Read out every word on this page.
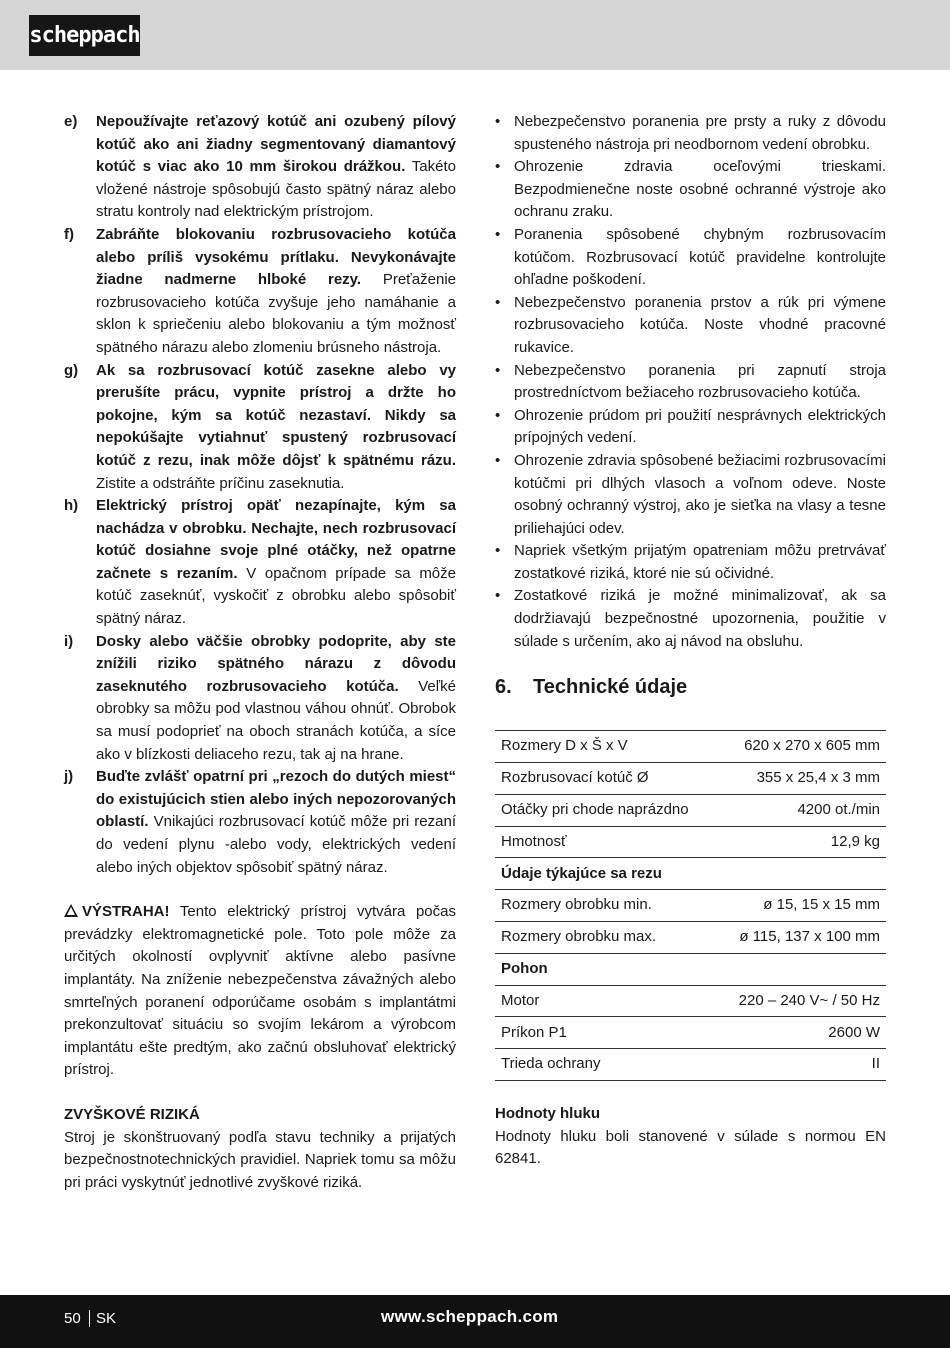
scheppach
e)	Nepoužívajte reťazový kotúč ani ozubený pílový kotúč ako ani žiadny segmentovaný diamantový kotúč s viac ako 10 mm širokou drážkou. Takéto vložené nástroje spôsobujú často spätný náraz alebo stratu kontroly nad elektrickým prístrojom.
f)	Zabráňte blokovaniu rozbrusovacieho kotúča alebo príliš vysokému prítlaku. Nevykonávajte žiadne nadmerne hlboké rezy. Preťaženie rozbrusovacieho kotúča zvyšuje jeho namáhanie a sklon k spriečeniu alebo blokovaniu a tým možnosť spätného nárazu alebo zlomeniu brúsneho nástroja.
g)	Ak sa rozbrusovací kotúč zasekne alebo vy prerušíte prácu, vypnite prístroj a držte ho pokojne, kým sa kotúč nezastaví. Nikdy sa nepokúšajte vytiahnuť spustený rozbrusovací kotúč z rezu, inak môže dôjsť k spätnému rázu. Zistite a odstráňte príčinu zaseknutia.
h)	Elektrický prístroj opäť nezapínajte, kým sa nachádza v obrobku. Nechajte, nech rozbrusovací kotúč dosiahne svoje plné otáčky, než opatrne začnete s rezaním. V opačnom prípade sa môže kotúč zaseknúť, vyskočiť z obrobku alebo spôsobiť spätný náraz.
i)	Dosky alebo väčšie obrobky podoprite, aby ste znížili riziko spätného nárazu z dôvodu zaseknutého rozbrusovacieho kotúča. Veľké obrobky sa môžu pod vlastnou váhou ohnúť. Obrobok sa musí podoprieť na oboch stranách kotúča, a síce ako v blízkosti deliaceho rezu, tak aj na hrane.
j)	Buďte zvlášť opatrní pri „rezoch do dutých miest“ do existujúcich stien alebo iných nepozorovaných oblastí. Vnikajúci rozbrusovací kotúč môže pri rezaní do vedení plynu -alebo vody, elektrických vedení alebo iných objektov spôsobiť spätný náraz.
VÝSTRAHA! Tento elektrický prístroj vytvára počas prevádzky elektromagnetické pole. Toto pole môže za určitých okolností ovplyvniť aktívne alebo pasívne implantáty. Na zníženie nebezpečenstva závažných alebo smrteľných poranení odporúčame osobám s implantátmi prekonzultovať situáciu so svojím lekárom a výrobcom implantátu ešte predtým, ako začnú obsluhovať elektrický prístroj.
ZVYŠKOVÉ RIZIKÁ
Stroj je skonštruovaný podľa stavu techniky a prijatých bezpečnostnotechnických pravidiel. Napriek tomu sa môžu pri práci vyskytnúť jednotlivé zvyškové riziká.
• Nebezpečenstvo poranenia pre prsty a ruky z dôvodu spusteného nástroja pri neodbornom vedení obrobku.
• Ohrozenie zdravia oceľovými trieskami. Bezpodmienečne noste osobné ochranné výstroje ako ochranu zraku.
• Poranenia spôsobené chybným rozbrusovacím kotúčom. Rozbrusovací kotúč pravidelne kontrolujte ohľadne poškodení.
• Nebezpečenstvo poranenia prstov a rúk pri výmene rozbrusovacieho kotúča. Noste vhodné pracovné rukavice.
• Nebezpečenstvo poranenia pri zapnutí stroja prostredníctvom bežiaceho rozbrusovacieho kotúča.
• Ohrozenie prúdom pri použití nesprávnych elektrických prípojných vedení.
• Ohrozenie zdravia spôsobené bežiacimi rozbrusovacími kotúčmi pri dlhých vlasoch a voľnom odeve. Noste osobný ochranný výstroj, ako je sieťka na vlasy a tesne priliehajúci odev.
• Napriek všetkým prijatým opatreniam môžu pretrvávať zostatkové riziká, ktoré nie sú očividné.
• Zostatkové riziká je možné minimalizovať, ak sa dodržiavajú bezpečnostné upozornenia, použitie v súlade s určením, ako aj návod na obsluhu.
6.	Technické údaje
Rozmery D x Š x V	620 x 270 x 605 mm
Rozbrusovací kotúč Ø	355 x 25,4 x 3 mm
Otáčky pri chode naprázdno	4200 ot./min
Hmotnosť	12,9 kg
Údaje týkajúce sa rezu	
Rozmery obrobku min.	ø 15, 15 x 15 mm
Rozmery obrobku max.	ø 115, 137 x 100 mm
Pohon	
Motor	220 – 240 V~ / 50 Hz
Príkon P1	2600 W
Trieda ochrany	II
Hodnoty hluku
Hodnoty hluku boli stanovené v súlade s normou EN 62841.
50 SK	www.scheppach.com
